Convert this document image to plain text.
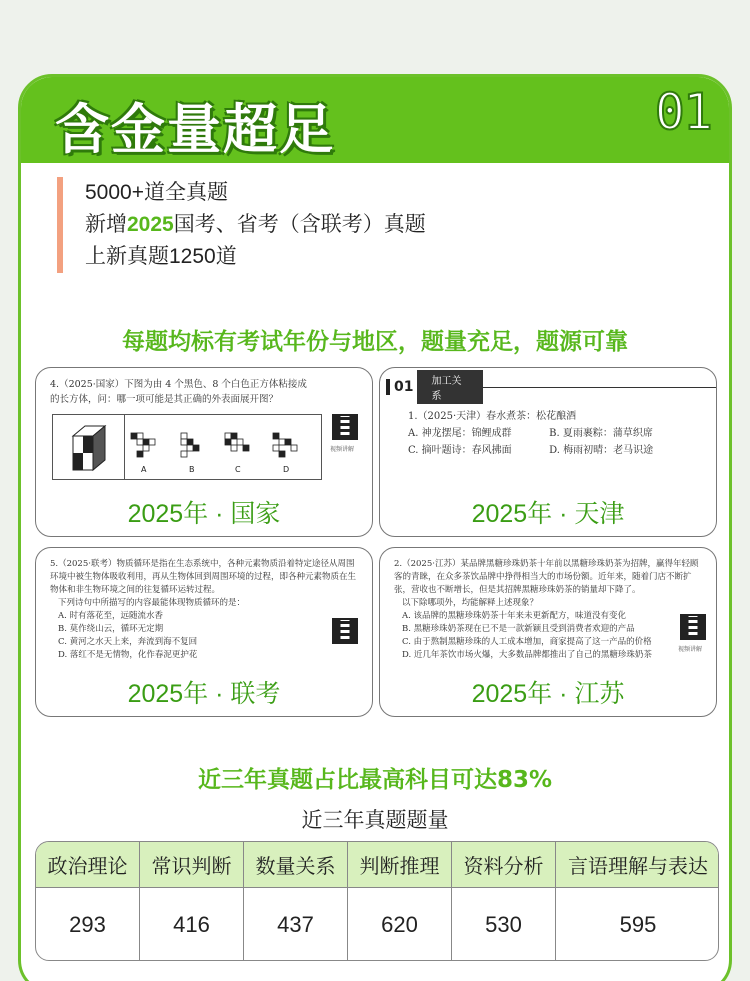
含金量超足	01
5000+道全真题
新增2025国考、省考（含联考）真题
上新真题1250道
每题均标有考试年份与地区，题量充足，题源可靠
4.（2025·国家）下图为由 4 个黑色、8 个白色正方体粘接成的长方体，问：哪一项可能是其正确的外表面展开图？
A	B	C	D
视频讲解
2025年 · 国家
01	加工关系
1.（2025·天津）春水煮茶：松花酿酒
A. 神龙摆尾：锦鲤成群	B. 夏雨裹粽：蒲草织席
C. 摘叶题诗：春风拂面	D. 梅雨初晴：老马识途
2025年 · 天津
5.（2025·联考）物质循环是指在生态系统中，各种元素物质沿着特定途径从周围环境中被生物体吸收利用，再从生物体回到周围环境的过程，即各种元素物质在生物体和非生物环境之间的往复循环运转过程。
下列诗句中所描写的内容最能体现物质循环的是：
A. 时有落花至，远随流水香
B. 莫作绕山云，循环无定期
C. 黄河之水天上来，奔流到海不复回
D. 落红不是无情物，化作春泥更护花
2025年 · 联考
2.（2025·江苏）某品牌黑糖珍珠奶茶十年前以黑糖珍珠奶茶为招牌，赢得年轻顾客的青睐，在众多茶饮品牌中挣得相当大的市场份额。近年来，随着门店不断扩张，营收也不断增长，但是其招牌黑糖珍珠奶茶的销量却下降了。
以下除哪项外，均能解释上述现象？
A. 该品牌的黑糖珍珠奶茶十年来未更新配方，味道没有变化
B. 黑糖珍珠奶茶现在已不是一款新颖且受到消费者欢迎的产品
C. 由于熬制黑糖珍珠的人工成本增加，商家提高了这一产品的价格
D. 近几年茶饮市场火爆，大多数品牌都推出了自己的黑糖珍珠奶茶
视频讲解
2025年 · 江苏
近三年真题占比最高科目可达83%
近三年真题题量
政治理论	常识判断	数量关系	判断推理	资料分析	言语理解与表达
293	416	437	620	530	595
